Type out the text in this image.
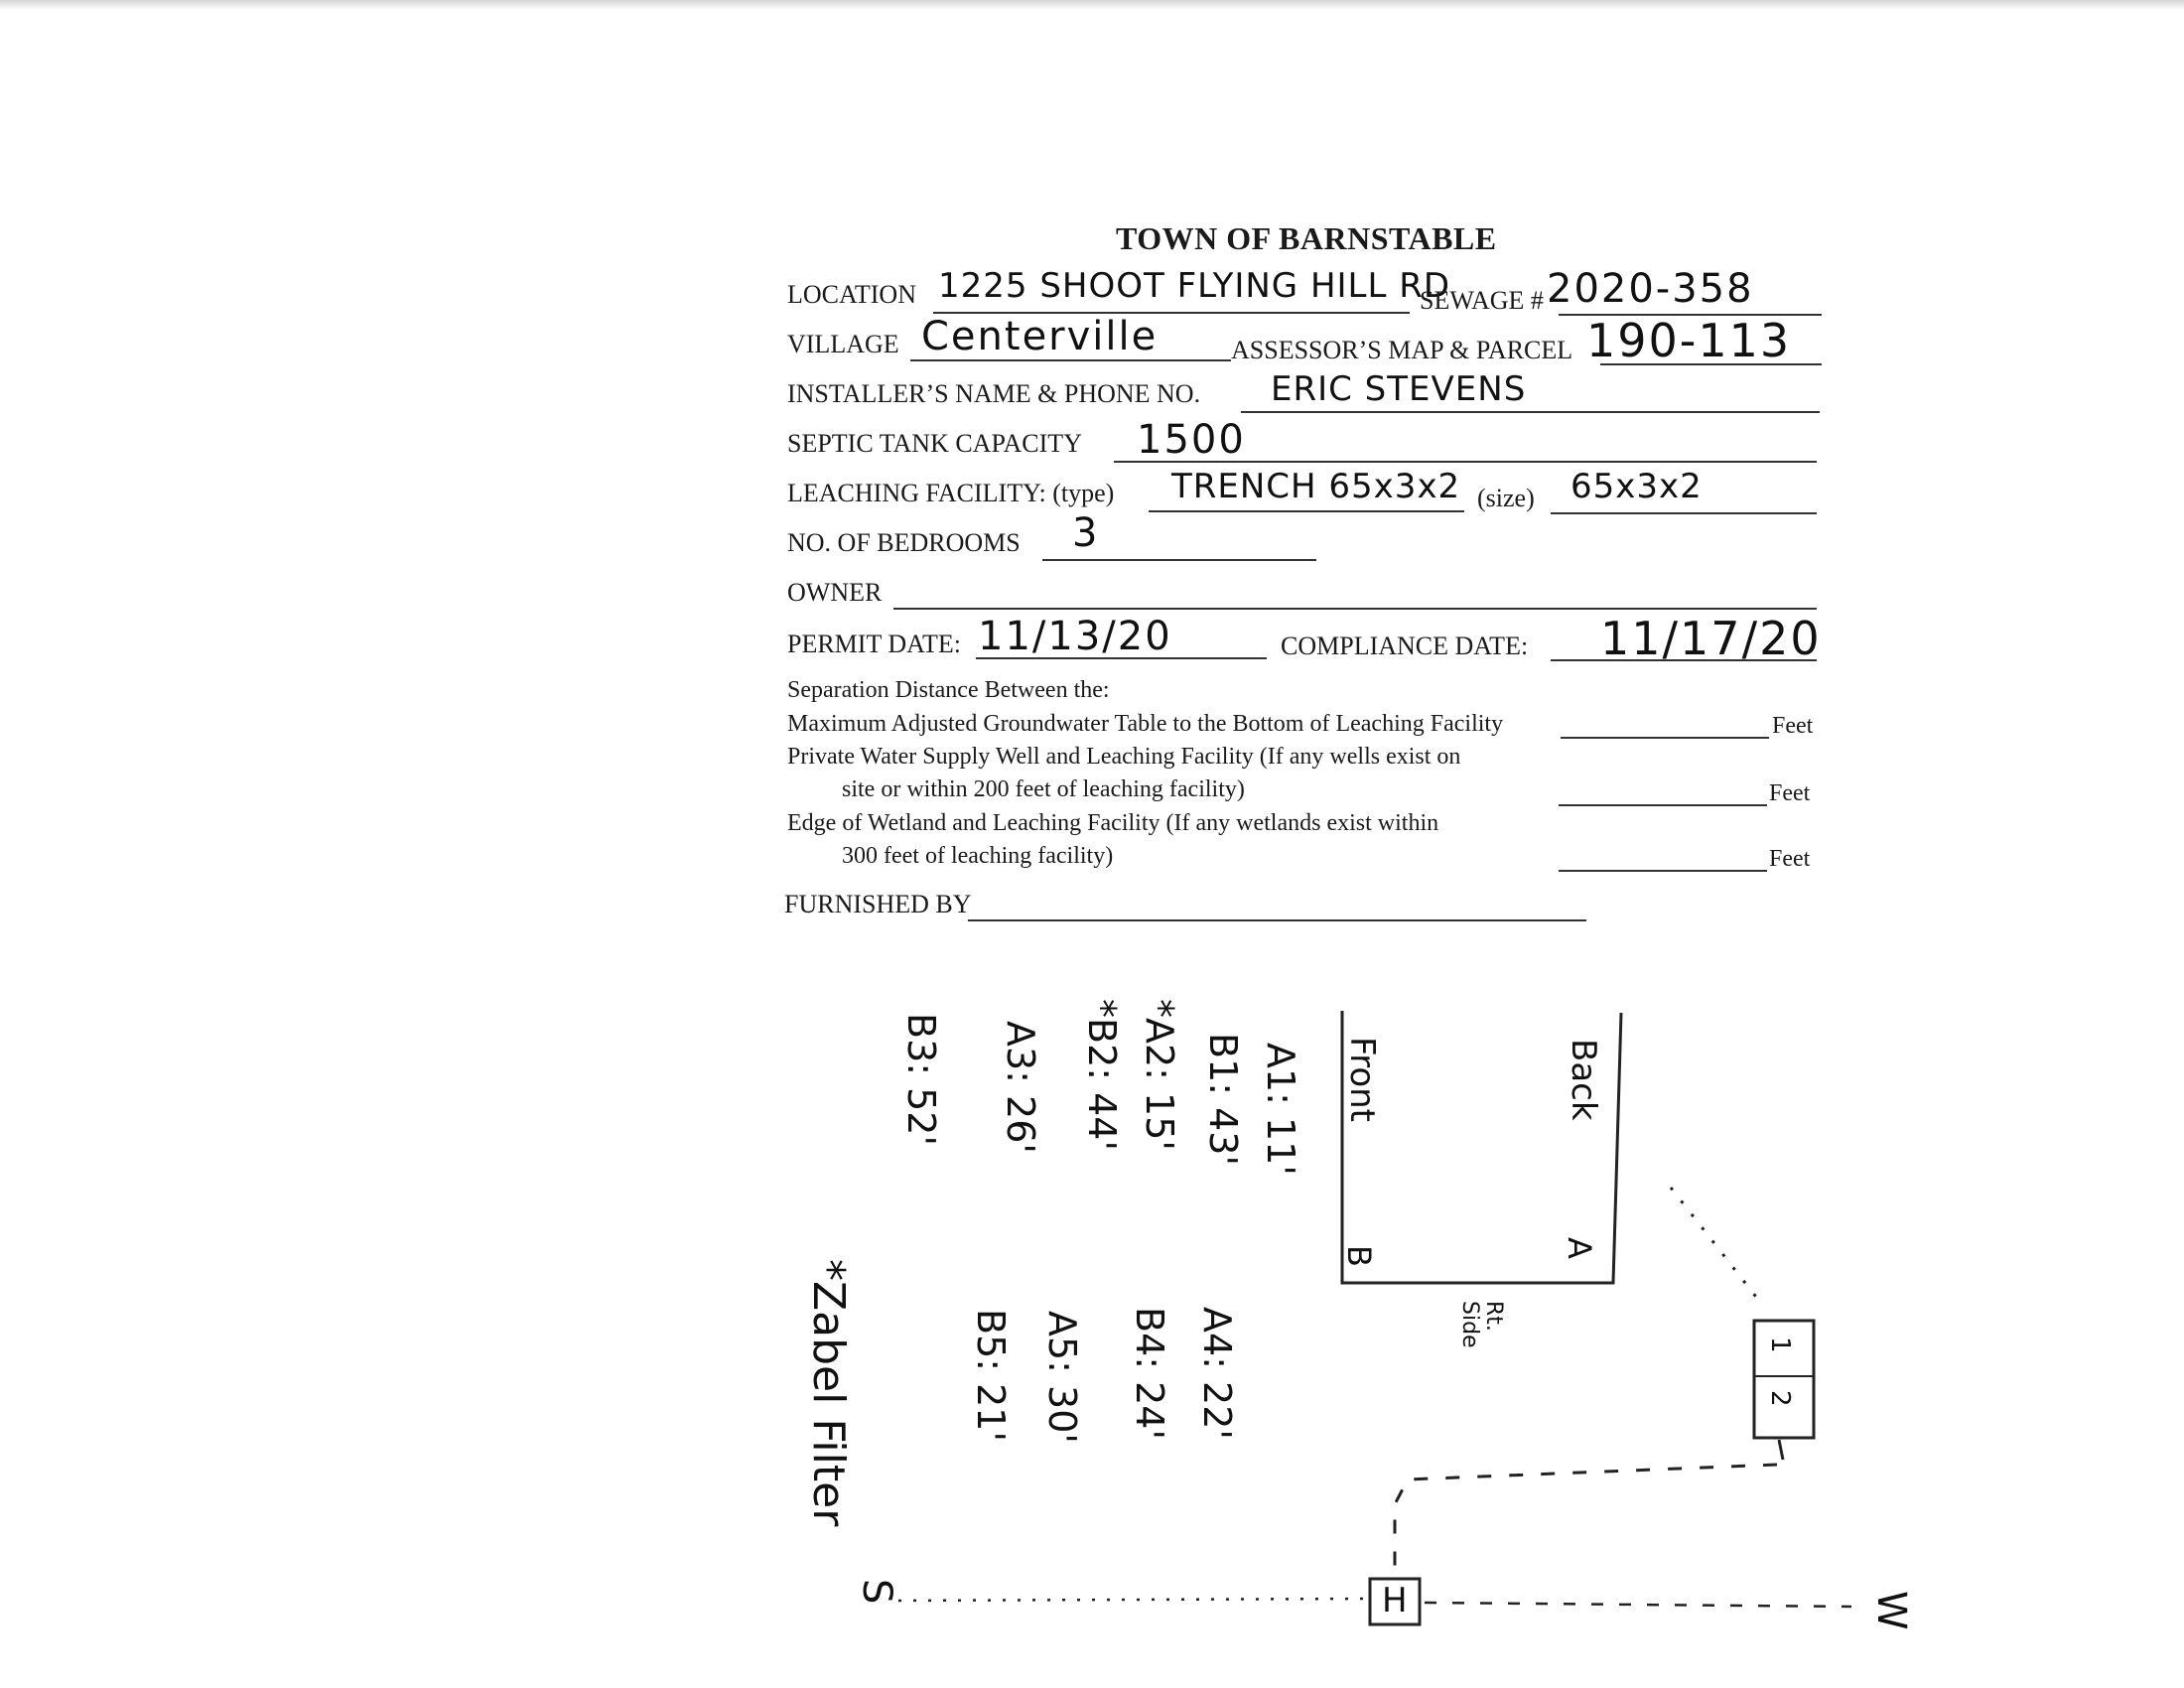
TOWN OF BARNSTABLE
LOCATION 1225 SHOOT FLYING HILL RD
SEWAGE # 2020-358
VILLAGE Centerville	ASSESSOR’S MAP & PARCEL 190-113
INSTALLER’S NAME & PHONE NO. ERIC STEVENS
SEPTIC TANK CAPACITY 1500
LEACHING FACILITY: (type) TRENCH 65x3x2 (size) 65x3x2
NO. OF BEDROOMS 3
OWNER
PERMIT DATE: 11/13/20	COMPLIANCE DATE: 11/17/20
Separation Distance Between the:
Maximum Adjusted Groundwater Table to the Bottom of Leaching Facility	Feet
Private Water Supply Well and Leaching Facility (If any wells exist on
site or within 200 feet of leaching facility)	Feet
Edge of Wetland and Leaching Facility (If any wetlands exist within
300 feet of leaching facility)	Feet
FURNISHED BY
A1: 11'
B1: 43'
*A2: 15'
*B2: 44'
A3: 26'
B3: 52'
A4: 22'
B4: 24'
A5: 30'
B5: 21'
Front	Back
Rt. Side
A
B
1
2
*Zabel Filter
H
S	W
